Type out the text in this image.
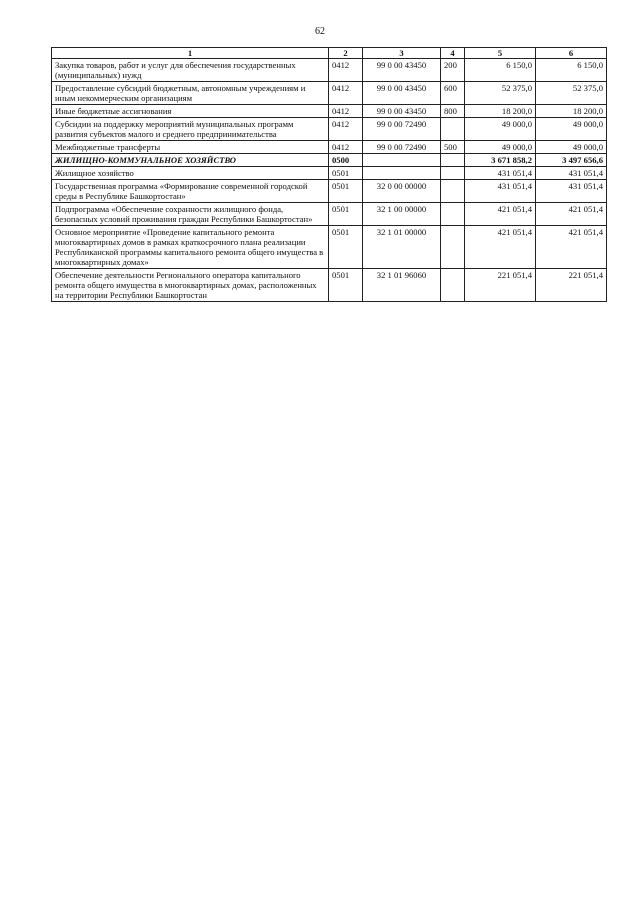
62
1	2	3	4	5	6
Закупка товаров, работ и услуг для обеспечения государственных (муниципальных) нужд	0412	99 0 00 43450	200	6 150,0	6 150,0
Предоставление субсидий бюджетным, автономным учреждениям и иным некоммерческим организациям	0412	99 0 00 43450	600	52 375,0	52 375,0
Иные бюджетные ассигнования	0412	99 0 00 43450	800	18 200,0	18 200,0
Субсидии на поддержку мероприятий муниципальных программ развития субъектов малого и среднего предпринимательства	0412	99 0 00 72490		49 000,0	49 000,0
Межбюджетные трансферты	0412	99 0 00 72490	500	49 000,0	49 000,0
ЖИЛИЩНО-КОММУНАЛЬНОЕ ХОЗЯЙСТВО	0500			3 671 858,2	3 497 656,6
Жилищное хозяйство	0501			431 051,4	431 051,4
Государственная программа «Формирование современной городской среды в Республике Башкортостан»	0501	32 0 00 00000		431 051,4	431 051,4
Подпрограмма «Обеспечение сохранности жилищного фонда, безопасных условий проживания граждан Республики Башкортостан»	0501	32 1 00 00000		421 051,4	421 051,4
Основное мероприятие «Проведение капитального ремонта многоквартирных домов в рамках краткосрочного плана реализации Республиканской программы капитального ремонта общего имущества в многоквартирных домах»	0501	32 1 01 00000		421 051,4	421 051,4
Обеспечение деятельности Регионального оператора капитального ремонта общего имущества в многоквартирных домах, расположенных на территории Республики Башкортостан	0501	32 1 01 96060		221 051,4	221 051,4
